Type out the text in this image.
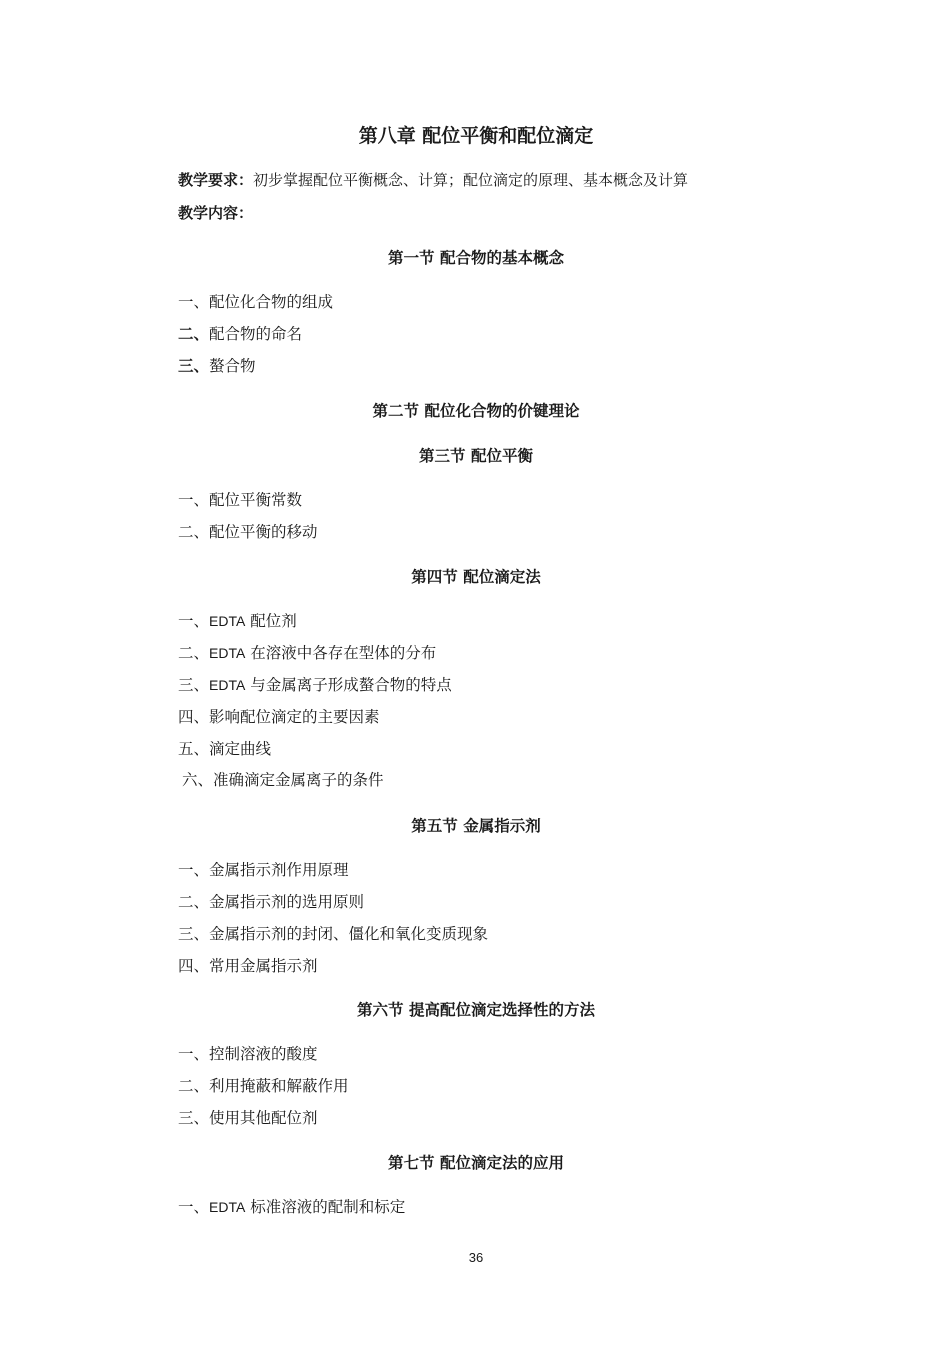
第八章 配位平衡和配位滴定
教学要求：初步掌握配位平衡概念、计算；配位滴定的原理、基本概念及计算
教学内容：
第一节 配合物的基本概念
一、配位化合物的组成
二、配合物的命名
三、螯合物
第二节 配位化合物的价键理论
第三节 配位平衡
一、配位平衡常数
二、配位平衡的移动
第四节 配位滴定法
一、EDTA 配位剂
二、EDTA 在溶液中各存在型体的分布
三、EDTA 与金属离子形成螯合物的特点
四、影响配位滴定的主要因素
五、滴定曲线
六、准确滴定金属离子的条件
第五节 金属指示剂
一、金属指示剂作用原理
二、金属指示剂的选用原则
三、金属指示剂的封闭、僵化和氧化变质现象
四、常用金属指示剂
第六节 提高配位滴定选择性的方法
一、控制溶液的酸度
二、利用掩蔽和解蔽作用
三、使用其他配位剂
第七节 配位滴定法的应用
一、EDTA 标准溶液的配制和标定
36
